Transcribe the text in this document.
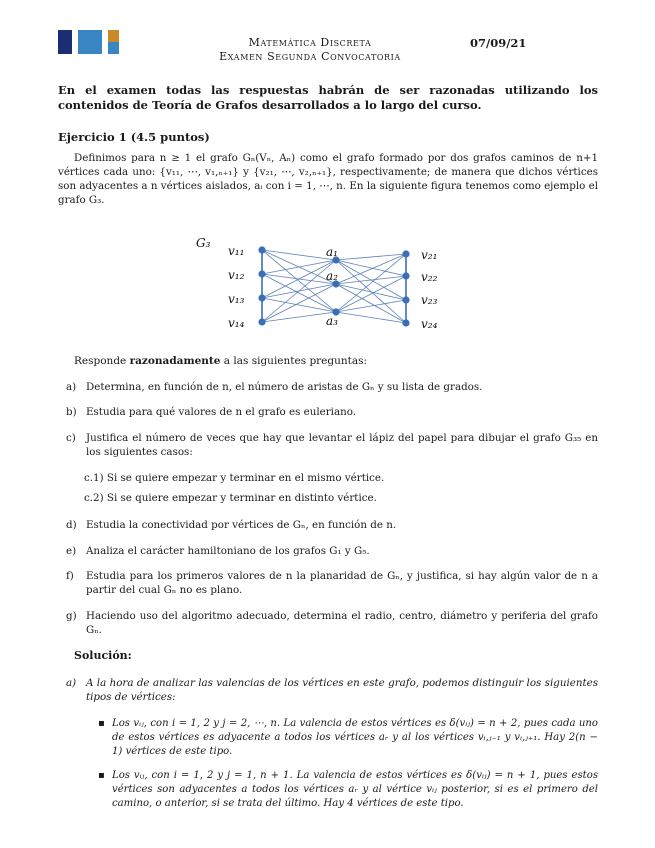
Matemática Discreta
Examen Segunda Convocatoria
07/09/21
En el examen todas las respuestas habrán de ser razonadas utilizando los contenidos de Teoría de Grafos desarrollados a lo largo del curso.
Ejercicio 1 (4.5 puntos)
Definimos para n ≥ 1 el grafo Gₙ(Vₙ, Aₙ) como el grafo formado por dos grafos caminos de n+1 vértices cada uno: {v₁₁, ⋯, v₁,ₙ₊₁} y {v₂₁, ⋯, v₂,ₙ₊₁}, respectivamente; de manera que dichos vértices son adyacentes a n vértices aislados, aᵢ con i = 1, ⋯, n. En la siguiente figura tenemos como ejemplo el grafo G₃.
G₃
v₁₁
v₁₂
v₁₃
v₁₄
a₁
a₂
a₃
v₂₁
v₂₂
v₂₃
v₂₄
Responde razonadamente a las siguientes preguntas:
a) Determina, en función de n, el número de aristas de Gₙ y su lista de grados.
b) Estudia para qué valores de n el grafo es euleriano.
c) Justifica el número de veces que hay que levantar el lápiz del papel para dibujar el grafo G₃₅ en los siguientes casos:
c.1) Si se quiere empezar y terminar en el mismo vértice.
c.2) Si se quiere empezar y terminar en distinto vértice.
d) Estudia la conectividad por vértices de Gₙ, en función de n.
e) Analiza el carácter hamiltoniano de los grafos G₁ y G₅.
f) Estudia para los primeros valores de n la planaridad de Gₙ, y justifica, si hay algún valor de n a partir del cual Gₙ no es plano.
g) Haciendo uso del algoritmo adecuado, determina el radio, centro, diámetro y periferia del grafo Gₙ.
Solución:
a) A la hora de analizar las valencias de los vértices en este grafo, podemos distinguir los siguientes tipos de vértices:
▪ Los vᵢⱼ, con i = 1, 2 y j = 2, ⋯, n. La valencia de estos vértices es δ(vᵢⱼ) = n + 2, pues cada uno de estos vértices es adyacente a todos los vértices aᵣ y al los vértices vᵢ,ⱼ₋₁ y vᵢ,ⱼ₊₁. Hay 2(n − 1) vértices de este tipo.
▪ Los vᵢⱼ, con i = 1, 2 y j = 1, n + 1. La valencia de estos vértices es δ(vᵢⱼ) = n + 1, pues estos vértices son adyacentes a todos los vértices aᵣ y al vértice vᵢⱼ posterior, si es el primero del camino, o anterior, si se trata del último. Hay 4 vértices de este tipo.
